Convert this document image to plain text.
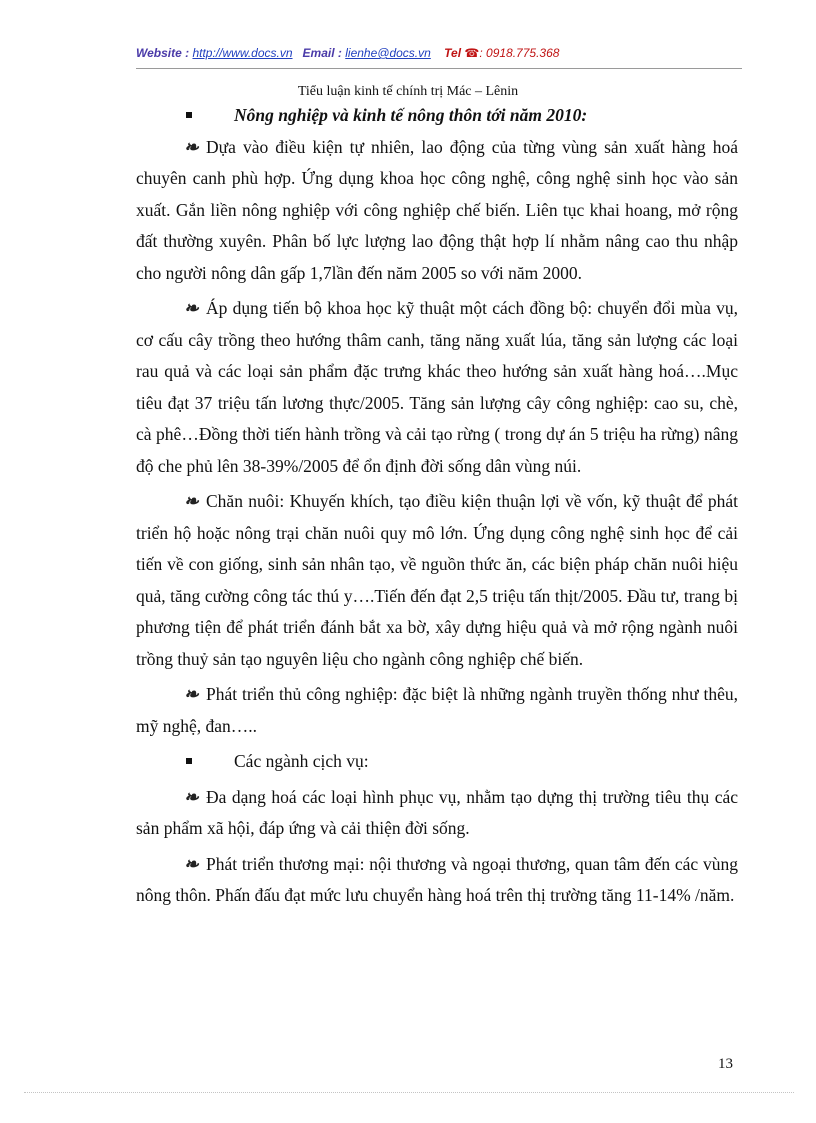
Website : http://www.docs.vn Email : lienhe@docs.vn Tel ☎: 0918.775.368
Tiểu luận kinh tế chính trị Mác – Lênin

Nông nghiệp và kinh tế nông thôn tới năm 2010:

❧ Dựa vào điều kiện tự nhiên, lao động của từng vùng sản xuất hàng hoá chuyên canh phù hợp. Ứng dụng khoa học công nghệ, công nghệ sinh học vào sản xuất. Gắn liền nông nghiệp với công nghiệp chế biến. Liên tục khai hoang, mở rộng đất thường xuyên. Phân bố lực lượng lao động thật hợp lí nhằm nâng cao thu nhập cho người nông dân gấp 1,7lần đến năm 2005 so với năm 2000.

❧ Áp dụng tiến bộ khoa học kỹ thuật một cách đồng bộ: chuyển đổi mùa vụ, cơ cấu cây trồng theo hướng thâm canh, tăng năng xuất lúa, tăng sản lượng các loại rau quả và các loại sản phẩm đặc trưng khác theo hướng sản xuất hàng hoá….Mục tiêu đạt 37 triệu tấn lương thực/2005. Tăng sản lượng cây công nghiệp: cao su, chè, cà phê…Đồng thời tiến hành trồng và cải tạo rừng ( trong dự án 5 triệu ha rừng) nâng độ che phủ lên 38-39%/2005 để ổn định đời sống dân vùng núi.

❧ Chăn nuôi: Khuyến khích, tạo điều kiện thuận lợi về vốn, kỹ thuật để phát triển hộ hoặc nông trại chăn nuôi quy mô lớn. Ứng dụng công nghệ sinh học để cải tiến về con giống, sinh sản nhân tạo, về nguồn thức ăn, các biện pháp chăn nuôi hiệu quả, tăng cường công tác thú y….Tiến đến đạt 2,5 triệu tấn thịt/2005. Đầu tư, trang bị phương tiện để phát triển đánh bắt xa bờ, xây dựng hiệu quả và mở rộng ngành nuôi trồng thuỷ sản tạo nguyên liệu cho ngành công nghiệp chế biến.

❧ Phát triển thủ công nghiệp: đặc biệt là những ngành truyền thống như thêu, mỹ nghệ, đan…..

Các ngành cịch vụ:

❧ Đa dạng hoá các loại hình phục vụ, nhằm tạo dựng thị trường tiêu thụ các sản phẩm xã hội, đáp ứng và cải thiện đời sống.

❧ Phát triển thương mại: nội thương và ngoại thương, quan tâm đến các vùng nông thôn. Phấn đấu đạt mức lưu chuyển hàng hoá trên thị trường tăng 11-14% /năm.

13
